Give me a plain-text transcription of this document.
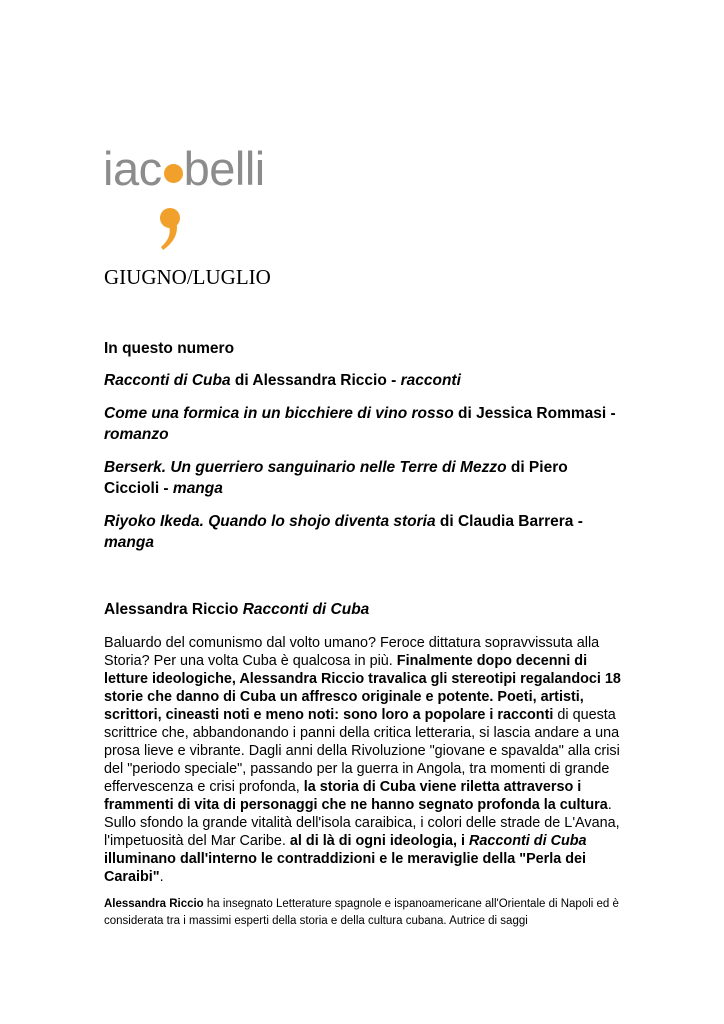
iac belli
GIUGNO/LUGLIO

In questo numero

Racconti di Cuba di Alessandra Riccio - racconti

Come una formica in un bicchiere di vino rosso di Jessica Rommasi - romanzo

Berserk. Un guerriero sanguinario nelle Terre di Mezzo di Piero Ciccioli - manga

Riyoko Ikeda. Quando lo shojo diventa storia di Claudia Barrera - manga

Alessandra Riccio Racconti di Cuba

Baluardo del comunismo dal volto umano? Feroce dittatura sopravvissuta alla Storia? Per una volta Cuba è qualcosa in più. Finalmente dopo decenni di letture ideologiche, Alessandra Riccio travalica gli stereotipi regalandoci 18 storie che danno di Cuba un affresco originale e potente. Poeti, artisti, scrittori, cineasti noti e meno noti: sono loro a popolare i racconti di questa scrittrice che, abbandonando i panni della critica letteraria, si lascia andare a una prosa lieve e vibrante. Dagli anni della Rivoluzione "giovane e spavalda" alla crisi del "periodo speciale", passando per la guerra in Angola, tra momenti di grande effervescenza e crisi profonda, la storia di Cuba viene riletta attraverso i frammenti di vita di personaggi che ne hanno segnato profonda la cultura. Sullo sfondo la grande vitalità dell'isola caraibica, i colori delle strade de L'Avana, l'impetuosità del Mar Caribe. al di là di ogni ideologia, i Racconti di Cuba illuminano dall'interno le contraddizioni e le meraviglie della "Perla dei Caraibi".

Alessandra Riccio ha insegnato Letterature spagnole e ispanoamericane all'Orientale di Napoli ed è considerata tra i massimi esperti della storia e della cultura cubana. Autrice di saggi
